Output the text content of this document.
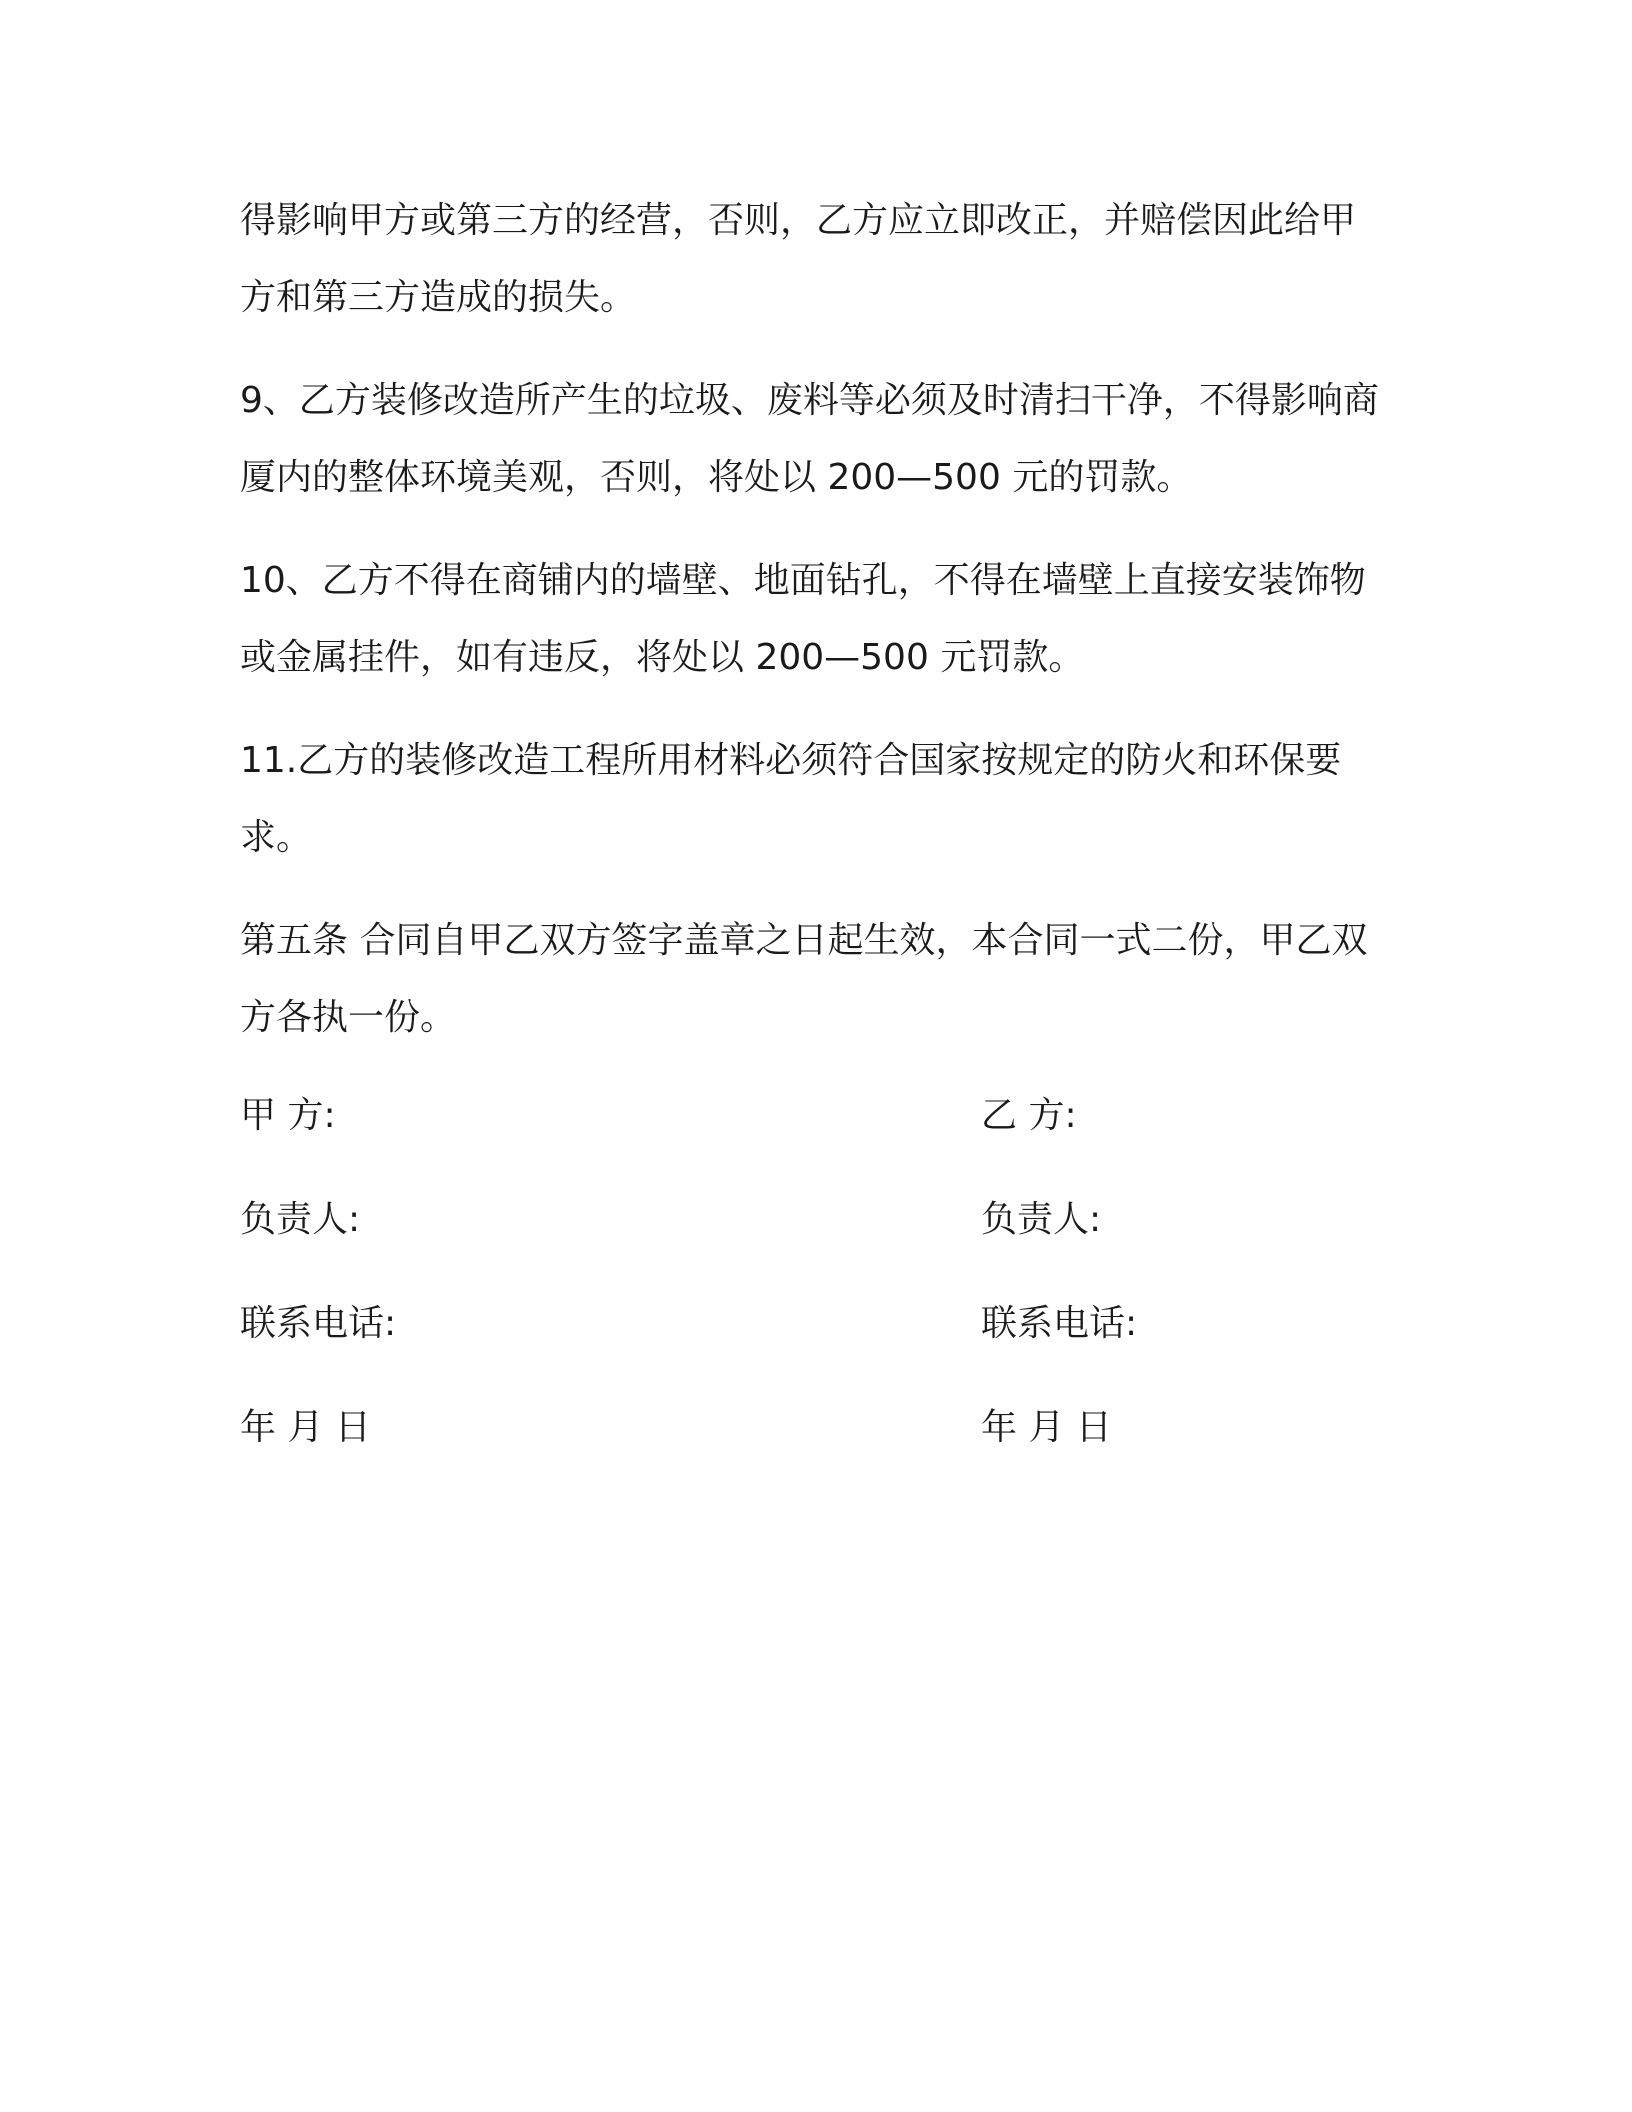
得影响甲方或第三方的经营，否则，乙方应立即改正，并赔偿因此给甲方和第三方造成的损失。

9、乙方装修改造所产生的垃圾、废料等必须及时清扫干净，不得影响商厦内的整体环境美观，否则，将处以 200—500 元的罚款。

10、乙方不得在商铺内的墙壁、地面钻孔，不得在墙壁上直接安装饰物或金属挂件，如有违反，将处以 200—500 元罚款。

11.乙方的装修改造工程所用材料必须符合国家按规定的防火和环保要求。

第五条 合同自甲乙双方签字盖章之日起生效，本合同一式二份，甲乙双方各执一份。

甲 方:	乙 方:
负责人:	负责人:
联系电话:	联系电话:
年 月 日	年 月 日
